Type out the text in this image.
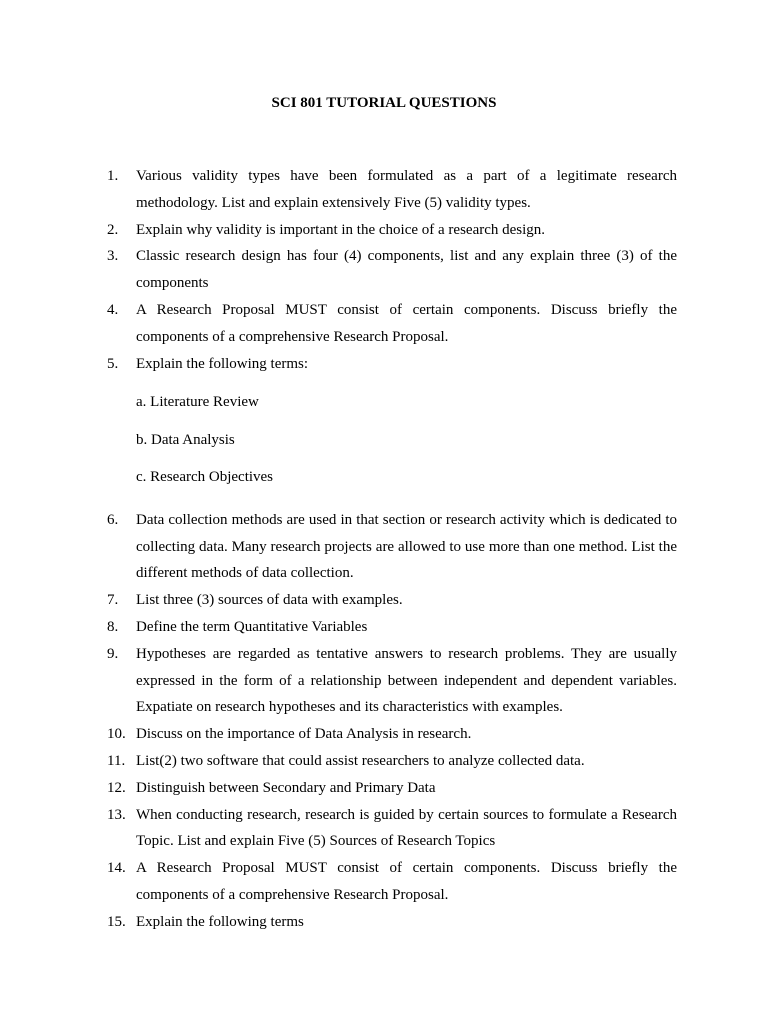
SCI 801 TUTORIAL QUESTIONS
1.	Various validity types have been formulated as a part of a legitimate research methodology. List and explain extensively Five (5) validity types.
2.	Explain why validity is important in the choice of a research design.
3.	Classic research design has four (4) components, list and any explain three (3) of the components
4.	A Research Proposal MUST consist of certain components. Discuss briefly the components of a comprehensive Research Proposal.
5.	Explain the following terms:
a. Literature Review
b. Data Analysis
c. Research Objectives
6.	Data collection methods are used in that section or research activity which is dedicated to collecting data. Many research projects are allowed to use more than one method. List the different methods of data collection.
7.	List three (3) sources of data with examples.
8.	Define the term Quantitative Variables
9.	Hypotheses are regarded as tentative answers to research problems. They are usually expressed in the form of a relationship between independent and dependent variables. Expatiate on research hypotheses and its characteristics with examples.
10. Discuss on the importance of Data Analysis in research.
11. List(2) two software that could assist researchers to analyze collected data.
12. Distinguish between Secondary and Primary Data
13. When conducting research, research is guided by certain sources to formulate a Research Topic. List and explain Five (5) Sources of Research Topics
14. A Research Proposal MUST consist of certain components. Discuss briefly the components of a comprehensive Research Proposal.
15. Explain the following terms
